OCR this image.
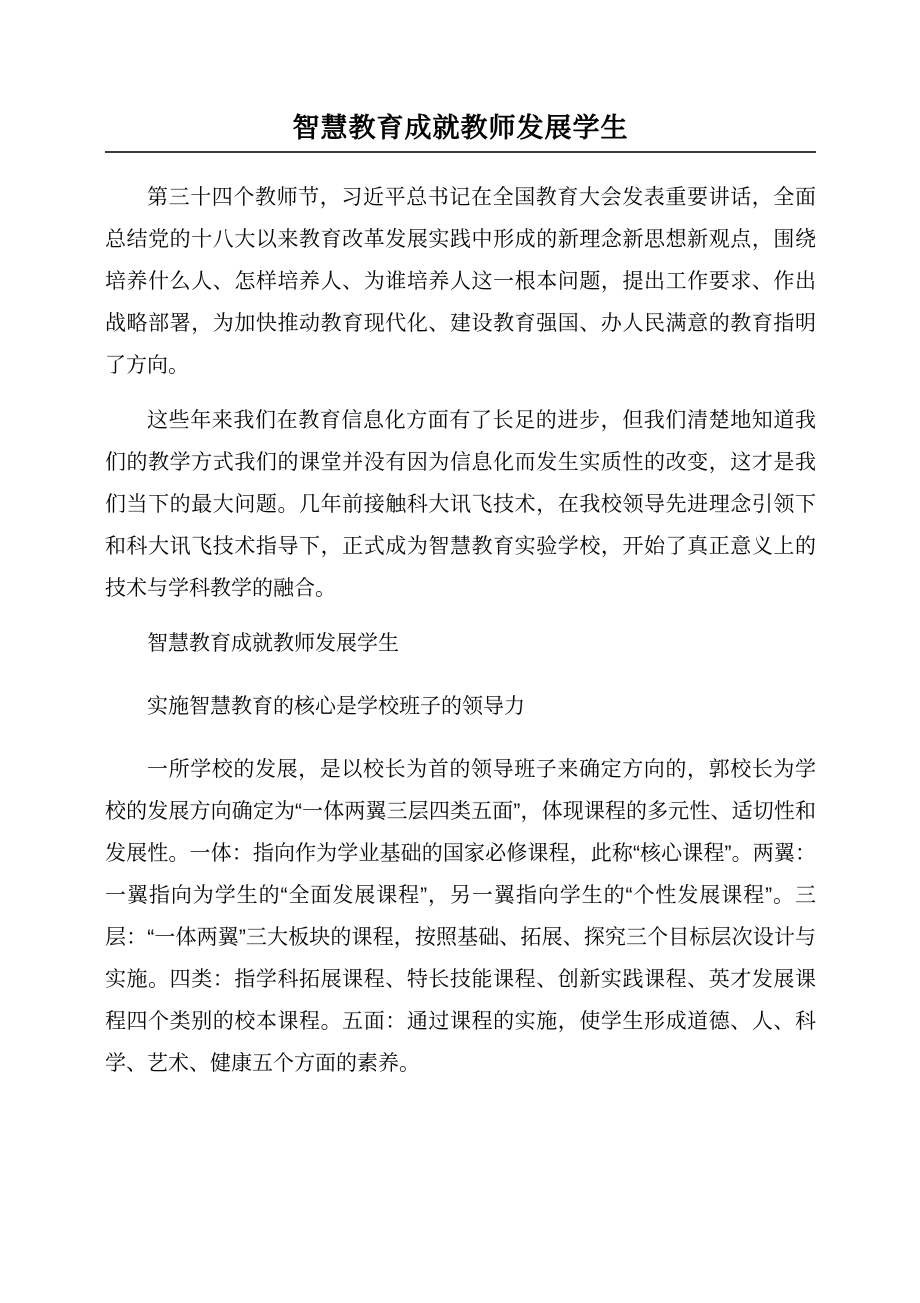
智慧教育成就教师发展学生

第三十四个教师节，习近平总书记在全国教育大会发表重要讲话，全面总结党的十八大以来教育改革发展实践中形成的新理念新思想新观点，围绕培养什么人、怎样培养人、为谁培养人这一根本问题，提出工作要求、作出战略部署，为加快推动教育现代化、建设教育强国、办人民满意的教育指明了方向。

这些年来我们在教育信息化方面有了长足的进步，但我们清楚地知道我们的教学方式我们的课堂并没有因为信息化而发生实质性的改变，这才是我们当下的最大问题。几年前接触科大讯飞技术，在我校领导先进理念引领下和科大讯飞技术指导下，正式成为智慧教育实验学校，开始了真正意义上的技术与学科教学的融合。

智慧教育成就教师发展学生

实施智慧教育的核心是学校班子的领导力

一所学校的发展，是以校长为首的领导班子来确定方向的，郭校长为学校的发展方向确定为“一体两翼三层四类五面”，体现课程的多元性、适切性和发展性。一体：指向作为学业基础的国家必修课程，此称“核心课程”。两翼：一翼指向为学生的“全面发展课程”，另一翼指向学生的“个性发展课程”。三层：“一体两翼”三大板块的课程，按照基础、拓展、探究三个目标层次设计与实施。四类：指学科拓展课程、特长技能课程、创新实践课程、英才发展课程四个类别的校本课程。五面：通过课程的实施，使学生形成道德、人、科学、艺术、健康五个方面的素养。
